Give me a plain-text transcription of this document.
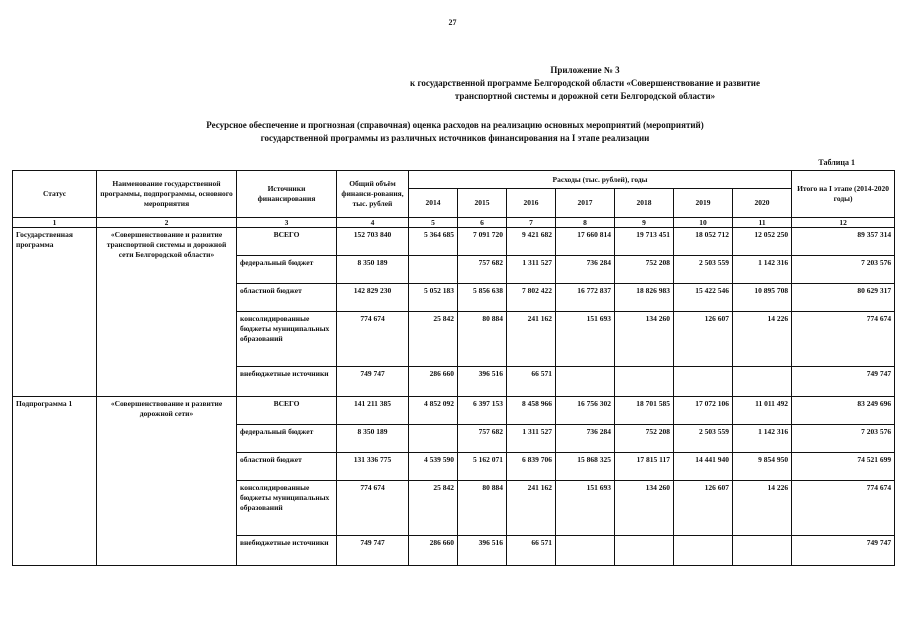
27
Приложение № 3
к государственной программе Белгородской области «Совершенствование и развитие
транспортной системы и дорожной сети Белгородской области»
Ресурсное обеспечение и прогнозная (справочная) оценка расходов на реализацию основных мероприятий (мероприятий)
государственной программы из различных источников финансирования на I этапе реализации
Таблица 1
Статус	Наименование государственной программы, подпрограммы, основного мероприятия	Источники финансирования	Общий объём финанси-рования, тыс. рублей	Расходы (тыс. рублей), годы							Итого на I этапе (2014-2020 годы)
				2014	2015	2016	2017	2018	2019	2020	
1	2	3	4	5	6	7	8	9	10	11	12
Государственная программа	«Совершенствование и развитие транспортной системы и дорожной сети Белгородской области»	ВСЕГО	152 703 840	5 364 685	7 091 720	9 421 682	17 660 814	19 713 451	18 052 712	12 052 250	89 357 314
		федеральный бюджет	8 350 189		757 682	1 311 527	736 284	752 208	2 503 559	1 142 316	7 203 576
		областной бюджет	142 829 230	5 052 183	5 856 638	7 802 422	16 772 837	18 826 983	15 422 546	10 895 708	80 629 317
		консолидированные бюджеты муниципальных образований	774 674	25 842	80 884	241 162	151 693	134 260	126 607	14 226	774 674
		внебюджетные источники	749 747	286 660	396 516	66 571					749 747
Подпрограмма 1	«Совершенствование и развитие дорожной сети»	ВСЕГО	141 211 385	4 852 092	6 397 153	8 458 966	16 756 302	18 701 585	17 072 106	11 011 492	83 249 696
		федеральный бюджет	8 350 189		757 682	1 311 527	736 284	752 208	2 503 559	1 142 316	7 203 576
		областной бюджет	131 336 775	4 539 590	5 162 071	6 839 706	15 868 325	17 815 117	14 441 940	9 854 950	74 521 699
		консолидированные бюджеты муниципальных образований	774 674	25 842	80 884	241 162	151 693	134 260	126 607	14 226	774 674
		внебюджетные источники	749 747	286 660	396 516	66 571					749 747
